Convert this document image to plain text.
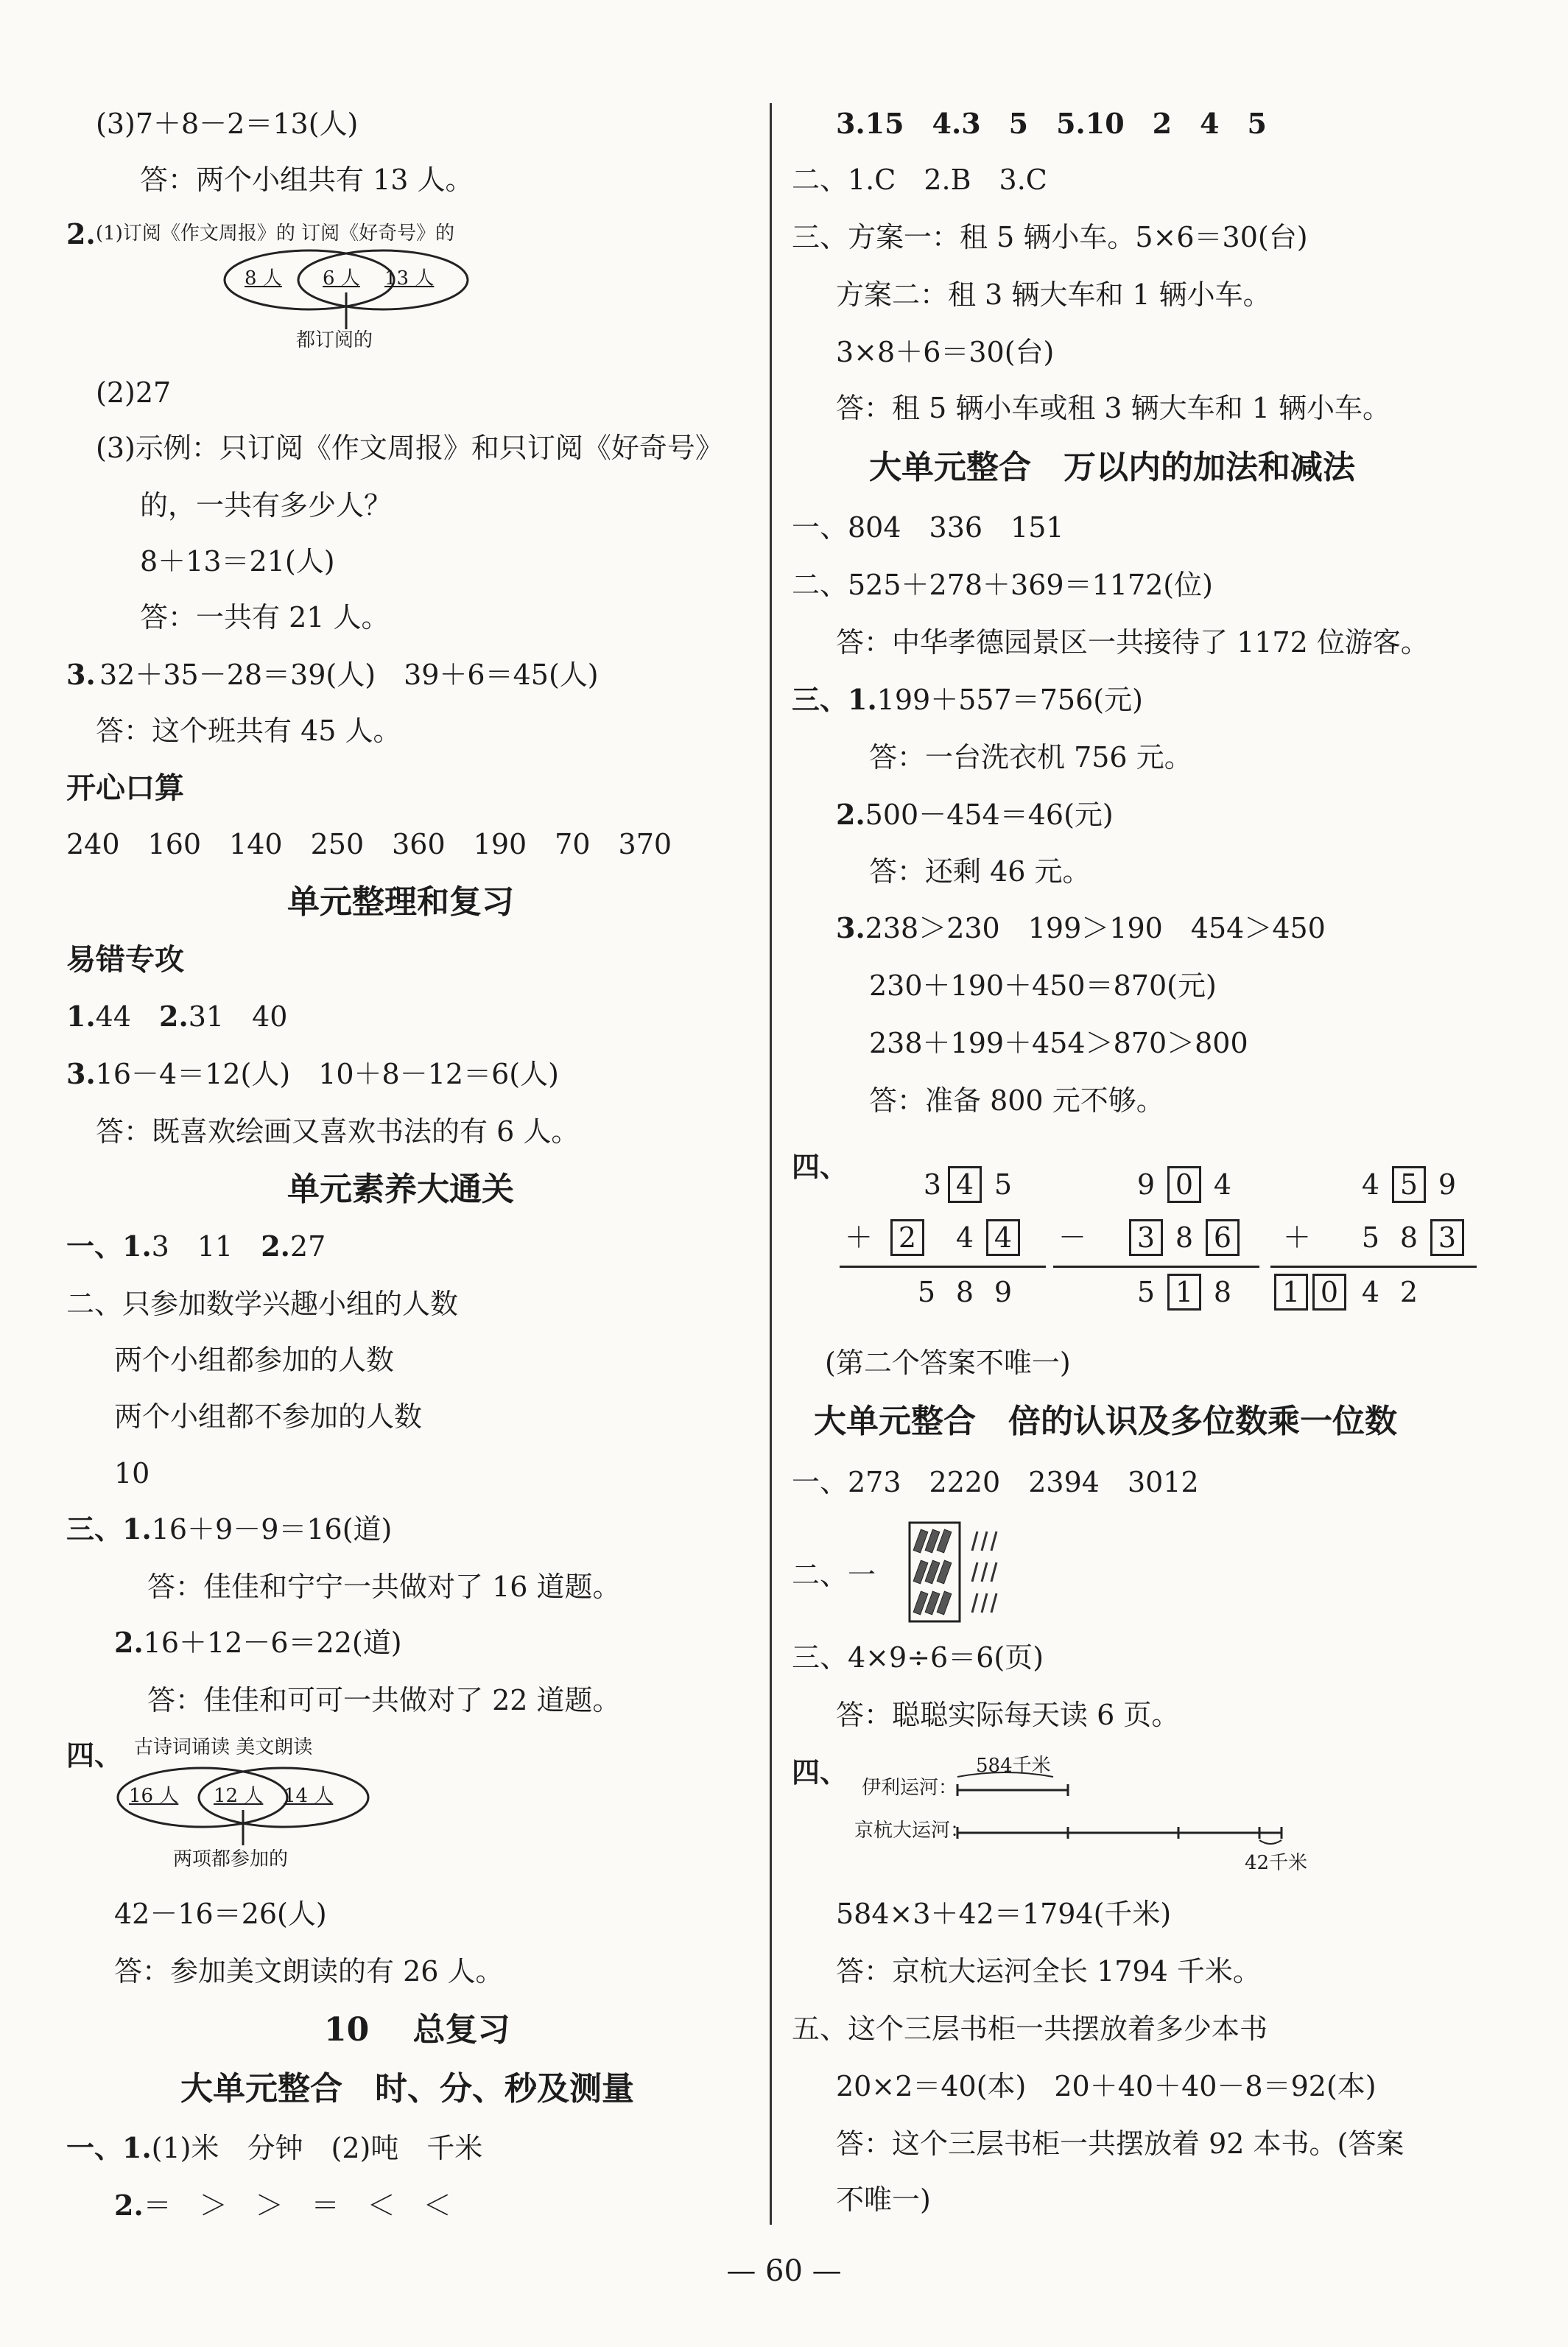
(3)7＋8－2＝13(人)
答：两个小组共有 13 人。
2. (1)订阅《作文周报》的 订阅《好奇号》的
8 人 6 人 13 人
都订阅的
(2)27
(3)示例：只订阅《作文周报》和只订阅《好奇号》
的，一共有多少人？
8＋13＝21(人)
答：一共有 21 人。
3. 32＋35－28＝39(人)　39＋6＝45(人)
答：这个班共有 45 人。
开心口算
240　160　140　250　360　190　70　370
单元整理和复习
易错专攻
1.44　 2.31　40
3.16－4＝12(人)　10＋8－12＝6(人)
答：既喜欢绘画又喜欢书法的有 6 人。
单元素养大通关
一、1.3　11　 2.27
二、只参加数学兴趣小组的人数
两个小组都参加的人数
两个小组都不参加的人数
10
三、1.16＋9－9＝16(道)
答：佳佳和宁宁一共做对了 16 道题。
2.16＋12－6＝22(道)
答：佳佳和可可一共做对了 22 道题。
四、 古诗词诵读 美文朗读
16 人 12 人 14 人
两项都参加的
42－16＝26(人)
答：参加美文朗读的有 26 人。
10　 总复习
大单元整合　时、分、秒及测量
一、1.(1)米　分钟　(2)吨　千米
2.＝　＞　＞　＝　＜　＜
3.15　4.3　5　5.10　2　4　5
二、1.C　2.B　3.C
三、方案一：租 5 辆小车。5×6＝30(台)
方案二：租 3 辆大车和 1 辆小车。
3×8＋6＝30(台)
答：租 5 辆小车或租 3 辆大车和 1 辆小车。
大单元整合　万以内的加法和减法
一、804　336　151
二、525＋278＋369＝1172(位)
答：中华孝德园景区一共接待了 1172 位游客。
三、1.199＋557＝756(元)
答：一台洗衣机 756 元。
2.500－454＝46(元)
答：还剩 46 元。
3.238＞230　199＞190　454＞450
230＋190＋450＝870(元)
238＋199＋454＞870＞800
答：准备 800 元不够。
四、
3 4 5
＋ 2	4 4
5 8 9
9 0 4
－	3 8 6
5 1 8
4 5 9
＋	5 8 3
1 0 4 2
(第二个答案不唯一)
大单元整合　倍的认识及多位数乘一位数
一、273　2220　2394　3012
二、一
三、4×9÷6＝6(页)
答：聪聪实际每天读 6 页。
四、	584千米
伊利运河：
京杭大运河：
42千米
584×3＋42＝1794(千米)
答：京杭大运河全长 1794 千米。
五、这个三层书柜一共摆放着多少本书
20×2＝40(本)　20＋40＋40－8＝92(本)
答：这个三层书柜一共摆放着 92 本书。(答案
不唯一)
— 60 —
